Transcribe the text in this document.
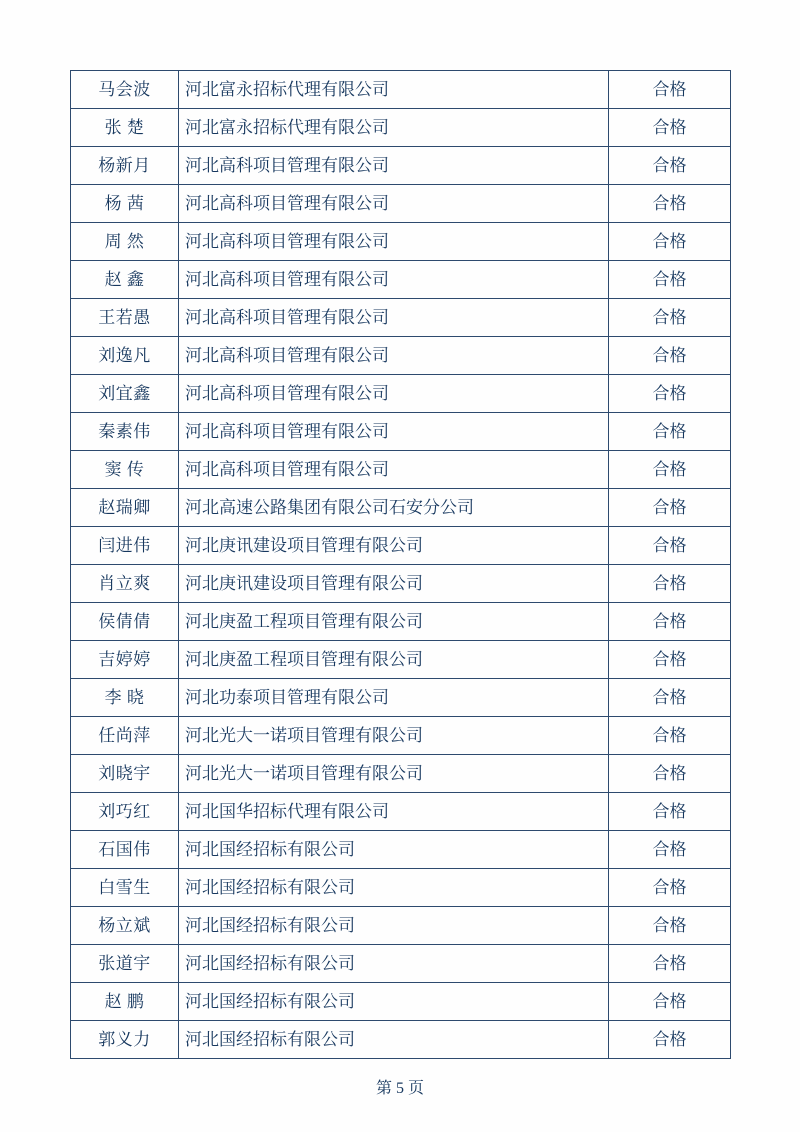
马会波	河北富永招标代理有限公司	合格
张 楚	河北富永招标代理有限公司	合格
杨新月	河北高科项目管理有限公司	合格
杨 茜	河北高科项目管理有限公司	合格
周 然	河北高科项目管理有限公司	合格
赵 鑫	河北高科项目管理有限公司	合格
王若愚	河北高科项目管理有限公司	合格
刘逸凡	河北高科项目管理有限公司	合格
刘宜鑫	河北高科项目管理有限公司	合格
秦素伟	河北高科项目管理有限公司	合格
窦 传	河北高科项目管理有限公司	合格
赵瑞卿	河北高速公路集团有限公司石安分公司	合格
闫进伟	河北庚讯建设项目管理有限公司	合格
肖立爽	河北庚讯建设项目管理有限公司	合格
侯倩倩	河北庚盈工程项目管理有限公司	合格
吉婷婷	河北庚盈工程项目管理有限公司	合格
李 晓	河北功泰项目管理有限公司	合格
任尚萍	河北光大一诺项目管理有限公司	合格
刘晓宇	河北光大一诺项目管理有限公司	合格
刘巧红	河北国华招标代理有限公司	合格
石国伟	河北国经招标有限公司	合格
白雪生	河北国经招标有限公司	合格
杨立斌	河北国经招标有限公司	合格
张道宇	河北国经招标有限公司	合格
赵 鹏	河北国经招标有限公司	合格
郭义力	河北国经招标有限公司	合格
第 5 页
